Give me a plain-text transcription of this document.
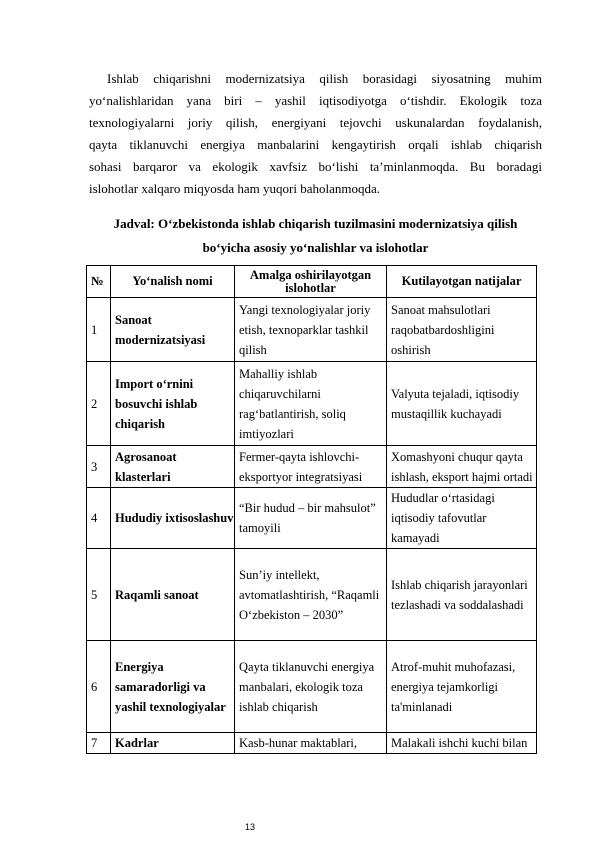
Ishlab chiqarishni modernizatsiya qilish borasidagi siyosatning muhim
yo‘nalishlaridan yana biri – yashil iqtisodiyotga o‘tishdir. Ekologik toza
texnologiyalarni joriy qilish, energiyani tejovchi uskunalardan foydalanish,
qayta tiklanuvchi energiya manbalarini kengaytirish orqali ishlab chiqarish
sohasi barqaror va ekologik xavfsiz bo‘lishi ta’minlanmoqda. Bu boradagi
islohotlar xalqaro miqyosda ham yuqori baholanmoqda.

Jadval: O‘zbekistonda ishlab chiqarish tuzilmasini modernizatsiya qilish

bo‘yicha asosiy yo‘nalishlar va islohotlar

№	Yo‘nalish nomi	Amalga oshirilayotgan islohotlar	Kutilayotgan natijalar
1	Sanoat modernizatsiyasi	Yangi texnologiyalar joriy etish, texnoparklar tashkil qilish	Sanoat mahsulotlari raqobatbardoshligini oshirish
2	Import o‘rnini bosuvchi ishlab chiqarish	Mahalliy ishlab chiqaruvchilarni rag‘batlantirish, soliq imtiyozlari	Valyuta tejaladi, iqtisodiy mustaqillik kuchayadi
3	Agrosanoat klasterlari	Fermer-qayta ishlovchi-eksportyor integratsiyasi	Xomashyoni chuqur qayta ishlash, eksport hajmi ortadi
4	Hududiy ixtisoslashuv	“Bir hudud – bir mahsulot” tamoyili	Hududlar o‘rtasidagi iqtisodiy tafovutlar kamayadi
5	Raqamli sanoat	Sun’iy intellekt, avtomatlashtirish, “Raqamli O‘zbekiston – 2030”	Ishlab chiqarish jarayonlari tezlashadi va soddalashadi
6	Energiya samaradorligi va yashil texnologiyalar	Qayta tiklanuvchi energiya manbalari, ekologik toza ishlab chiqarish	Atrof-muhit muhofazasi, energiya tejamkorligi ta'minlanadi
7	Kadrlar	Kasb-hunar maktablari,	Malakali ishchi kuchi bilan
13
